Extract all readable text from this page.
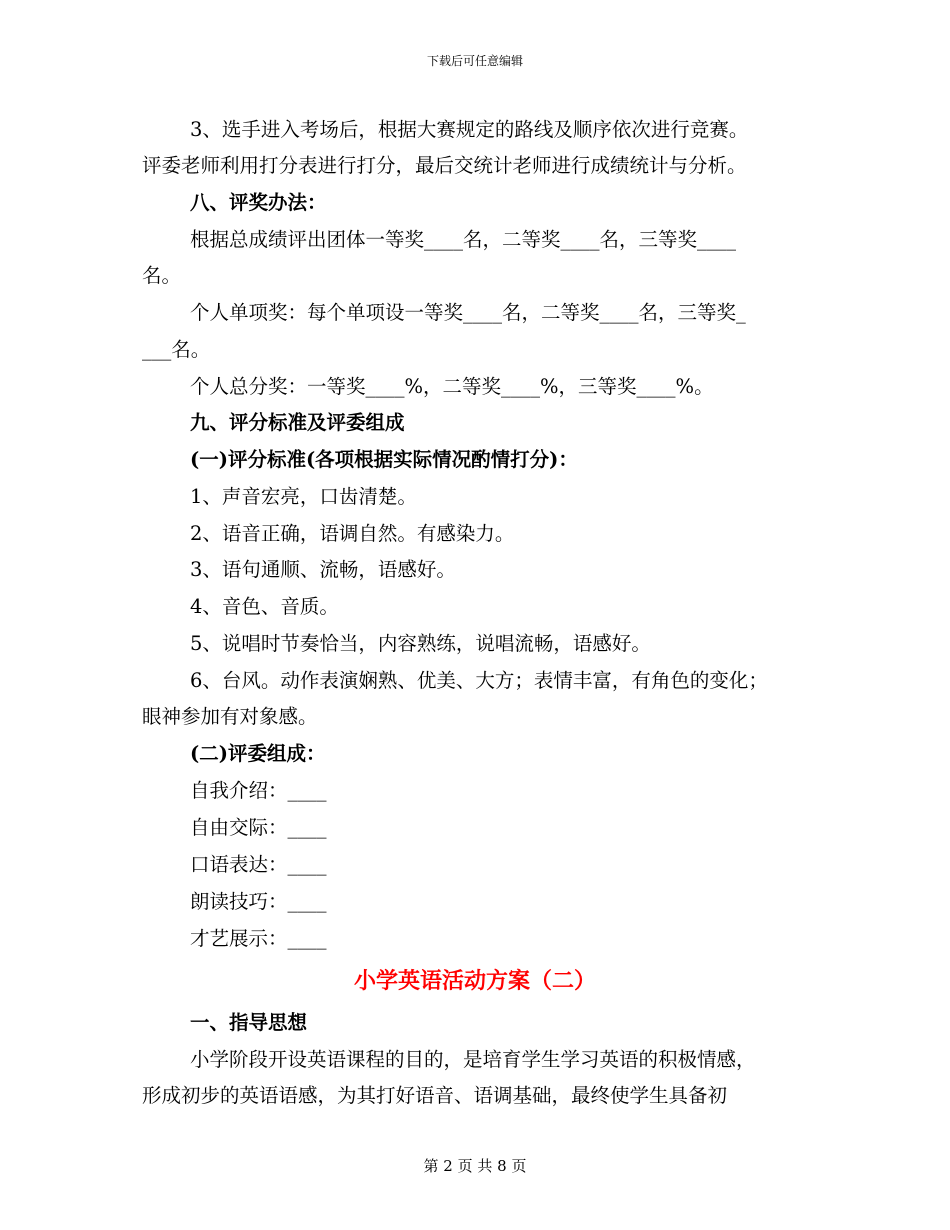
下载后可任意编辑
3、选手进入考场后，根据大赛规定的路线及顺序依次进行竞赛。
评委老师利用打分表进行打分，最后交统计老师进行成绩统计与分析。
八、评奖办法：
根据总成绩评出团体一等奖____名，二等奖____名，三等奖____
名。
个人单项奖：每个单项设一等奖____名，二等奖____名，三等奖_
___名。
个人总分奖：一等奖____%，二等奖____%，三等奖____%。
九、评分标准及评委组成
(一)评分标准(各项根据实际情况酌情打分)：
1、声音宏亮，口齿清楚。
2、语音正确，语调自然。有感染力。
3、语句通顺、流畅，语感好。
4、音色、音质。
5、说唱时节奏恰当，内容熟练，说唱流畅，语感好。
6、台风。动作表演娴熟、优美、大方；表情丰富，有角色的变化；
眼神参加有对象感。
(二)评委组成：
自我介绍：____
自由交际：____
口语表达：____
朗读技巧：____
才艺展示：____
小学英语活动方案（二）
一、指导思想
小学阶段开设英语课程的目的，是培育学生学习英语的积极情感，
形成初步的英语语感，为其打好语音、语调基础，最终使学生具备初
第 2 页 共 8 页
